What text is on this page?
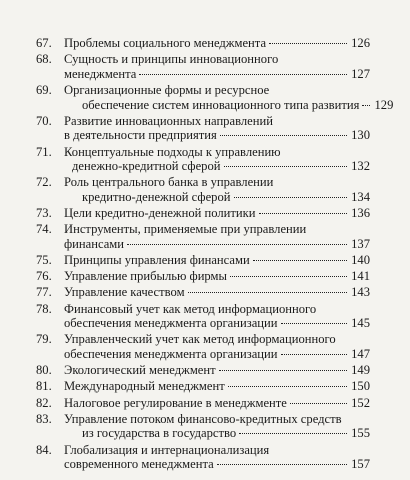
67. Проблемы социального менеджмента	126
68. Сущность и принципы инновационного
менеджмента	127
69. Организационные формы и ресурсное
обеспечение систем инновационного типа развития 129
70. Развитие инновационных направлений
в деятельности предприятия	130
71. Концептуальные подходы к управлению
денежно-кредитной сферой	132
72. Роль центрального банка в управлении
кредитно-денежной сферой	134
73. Цели кредитно-денежной политики	136
74. Инструменты, применяемые при управлении
финансами	137
75. Принципы управления финансами	140
76. Управление прибылью фирмы	141
77. Управление качеством	143
78. Финансовый учет как метод информационного
обеспечения менеджмента организации	145
79. Управленческий учет как метод информационного
обеспечения менеджмента организации	147
80. Экологический менеджмент	149
81. Международный менеджмент	150
82. Налоговое регулирование в менеджменте	152
83. Управление потоком финансово-кредитных средств
из государства в государство	155
84. Глобализация и интернационализация
современного менеджмента	157
